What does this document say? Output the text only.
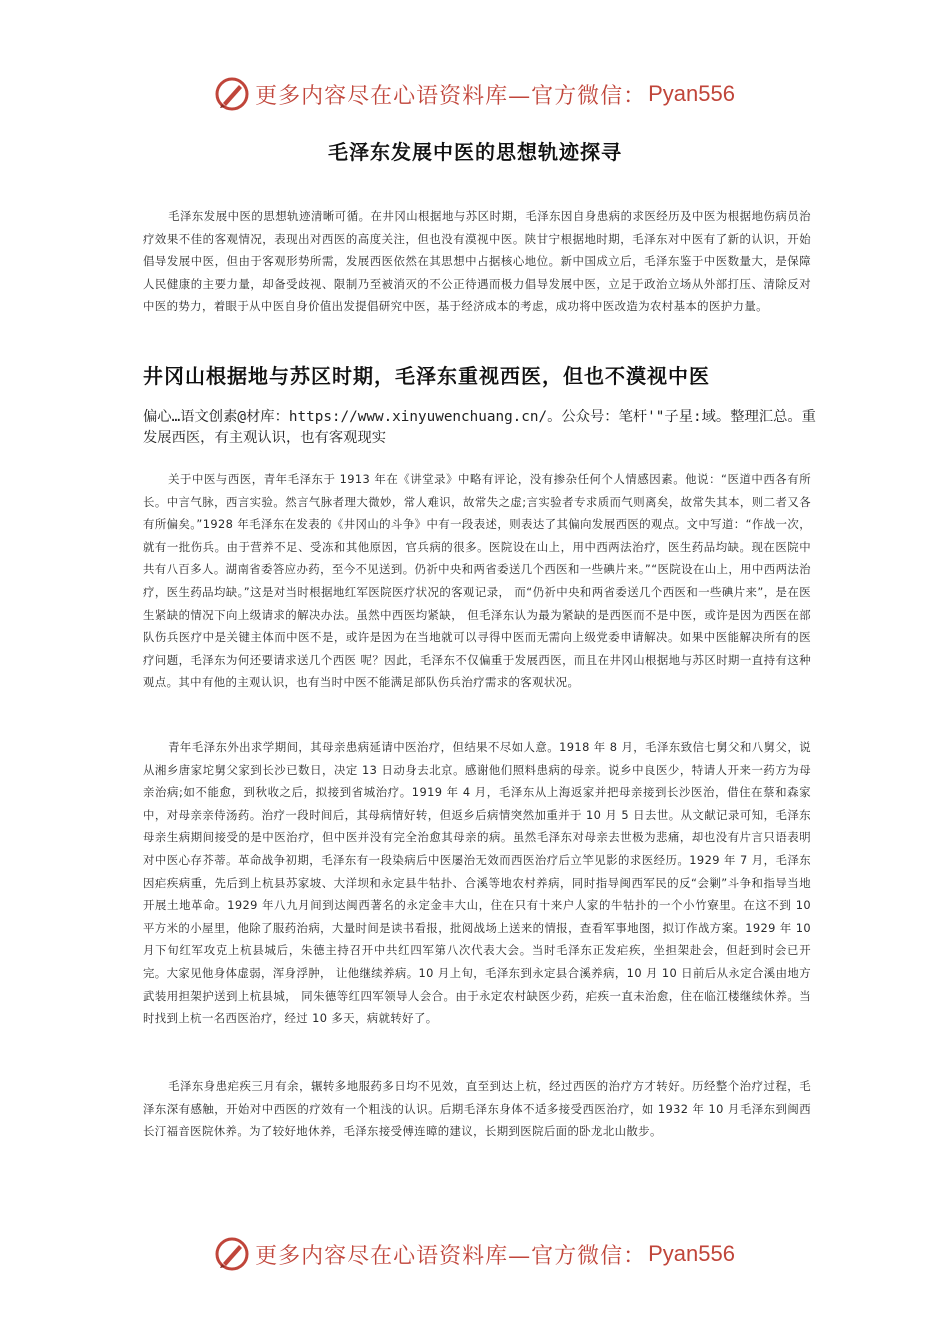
更多内容尽在心语资料库—官方微信： Pyan556
毛泽东发展中医的思想轨迹探寻

毛泽东发展中医的思想轨迹清晰可循。在井冈山根据地与苏区时期，毛泽东因自身患病的求医经历及中医为根据地伤病员治疗效果不佳的客观情况，表现出对西医的高度关注，但也没有漠视中医。陕甘宁根据地时期，毛泽东对中医有了新的认识，开始倡导发展中医，但由于客观形势所需，发展西医依然在其思想中占据核心地位。新中国成立后，毛泽东鉴于中医数量大，是保障人民健康的主要力量，却备受歧视、限制乃至被消灭的不公正待遇而极力倡导发展中医，立足于政治立场从外部打压、清除反对中医的势力，着眼于从中医自身价值出发提倡研究中医，基于经济成本的考虑，成功将中医改造为农村基本的医护力量。

井冈山根据地与苏区时期，毛泽东重视西医，但也不漠视中医

偏心…语文创素@材库：https://www.xinyuwenchuang.cn/。公众号：笔杆'"子星:域。整理汇总。重发展西医，有主观认识，也有客观现实

关于中医与西医，青年毛泽东于 1913 年在《讲堂录》中略有评论，没有掺杂任何个人情感因素。他说：“医道中西各有所长。中言气脉，西言实验。然言气脉者理大微妙，常人难识，故常失之虚;言实验者专求质而气则离矣，故常失其本，则二者又各有所偏矣。”1928 年毛泽东在发表的《井冈山的斗争》中有一段表述，则表达了其偏向发展西医的观点。文中写道：“作战一次，就有一批伤兵。由于营养不足、受冻和其他原因，官兵病的很多。医院设在山上，用中西两法治疗，医生药品均缺。现在医院中共有八百多人。湖南省委答应办药，至今不见送到。仍祈中央和两省委送几个西医和一些碘片来。”“医院设在山上，用中西两法治疗，医生药品均缺。”这是对当时根据地红军医院医疗状况的客观记录， 而“仍祈中央和两省委送几个西医和一些碘片来”，是在医生紧缺的情况下向上级请求的解决办法。虽然中西医均紧缺， 但毛泽东认为最为紧缺的是西医而不是中医，或许是因为西医在部队伤兵医疗中是关键主体而中医不是，或许是因为在当地就可以寻得中医而无需向上级党委申请解决。如果中医能解决所有的医疗问题，毛泽东为何还要请求送几个西医 呢？因此，毛泽东不仅偏重于发展西医，而且在井冈山根据地与苏区时期一直持有这种观点。其中有他的主观认识，也有当时中医不能满足部队伤兵治疗需求的客观状况。

青年毛泽东外出求学期间，其母亲患病延请中医治疗，但结果不尽如人意。1918 年 8 月，毛泽东致信七舅父和八舅父，说从湘乡唐家坨舅父家到长沙已数日，决定 13 日动身去北京。感谢他们照料患病的母亲。说乡中良医少，特请人开来一药方为母亲治病;如不能愈，到秋收之后，拟接到省城治疗。1919 年 4 月，毛泽东从上海返家并把母亲接到长沙医治，借住在蔡和森家中，对母亲亲侍汤药。治疗一段时间后，其母病情好转，但返乡后病情突然加重并于 10 月 5 日去世。从文献记录可知，毛泽东母亲生病期间接受的是中医治疗，但中医并没有完全治愈其母亲的病。虽然毛泽东对母亲去世极为悲痛，却也没有片言只语表明对中医心存芥蒂。革命战争初期，毛泽东有一段染病后中医屡治无效而西医治疗后立竿见影的求医经历。1929 年 7 月，毛泽东因疟疾病重，先后到上杭县苏家坡、大洋坝和永定县牛牯扑、合溪等地农村养病，同时指导闽西军民的反“会剿”斗争和指导当地开展土地革命。1929 年八九月间到达闽西著名的永定金丰大山，住在只有十来户人家的牛牯扑的一个小竹寮里。在这不到 10 平方米的小屋里，他除了服药治病，大量时间是读书看报，批阅战场上送来的情报，查看军事地图，拟订作战方案。1929 年 10 月下旬红军攻克上杭县城后，朱德主持召开中共红四军第八次代表大会。当时毛泽东正发疟疾，坐担架赴会，但赶到时会已开完。大家见他身体虚弱，浑身浮肿， 让他继续养病。10 月上旬，毛泽东到永定县合溪养病，10 月 10 日前后从永定合溪由地方武装用担架护送到上杭县城， 同朱德等红四军领导人会合。由于永定农村缺医少药，疟疾一直未治愈，住在临江楼继续休养。当时找到上杭一名西医治疗，经过 10 多天，病就转好了。

毛泽东身患疟疾三月有余，辗转多地服药多日均不见效，直至到达上杭，经过西医的治疗方才转好。历经整个治疗过程，毛泽东深有感触，开始对中西医的疗效有一个粗浅的认识。后期毛泽东身体不适多接受西医治疗，如 1932 年 10 月毛泽东到闽西长汀福音医院休养。为了较好地休养，毛泽东接受傅连暲的建议，长期到医院后面的卧龙北山散步。

更多内容尽在心语资料库—官方微信： Pyan556
